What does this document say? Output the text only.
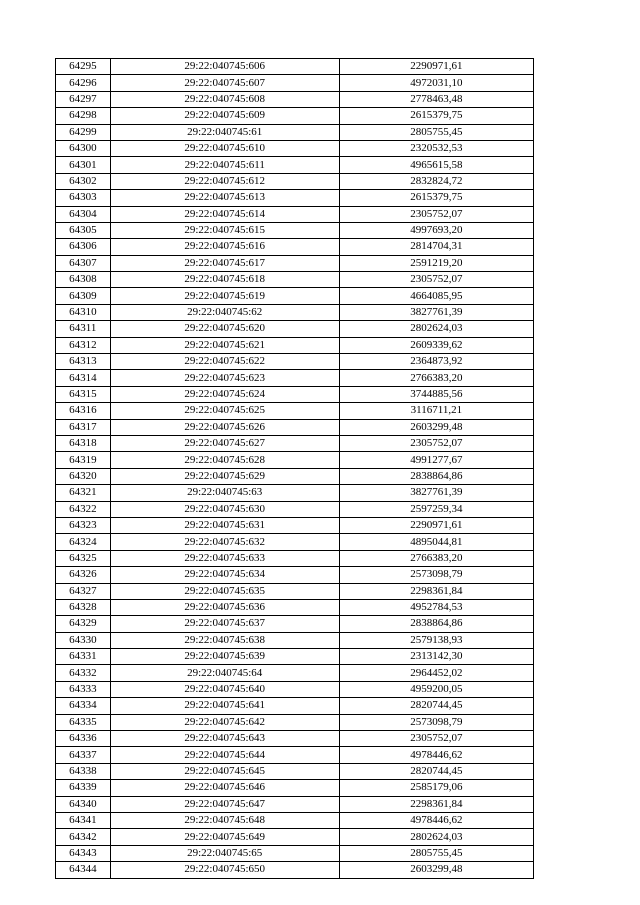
64295	29:22:040745:606	2290971,61
64296	29:22:040745:607	4972031,10
64297	29:22:040745:608	2778463,48
64298	29:22:040745:609	2615379,75
64299	29:22:040745:61	2805755,45
64300	29:22:040745:610	2320532,53
64301	29:22:040745:611	4965615,58
64302	29:22:040745:612	2832824,72
64303	29:22:040745:613	2615379,75
64304	29:22:040745:614	2305752,07
64305	29:22:040745:615	4997693,20
64306	29:22:040745:616	2814704,31
64307	29:22:040745:617	2591219,20
64308	29:22:040745:618	2305752,07
64309	29:22:040745:619	4664085,95
64310	29:22:040745:62	3827761,39
64311	29:22:040745:620	2802624,03
64312	29:22:040745:621	2609339,62
64313	29:22:040745:622	2364873,92
64314	29:22:040745:623	2766383,20
64315	29:22:040745:624	3744885,56
64316	29:22:040745:625	3116711,21
64317	29:22:040745:626	2603299,48
64318	29:22:040745:627	2305752,07
64319	29:22:040745:628	4991277,67
64320	29:22:040745:629	2838864,86
64321	29:22:040745:63	3827761,39
64322	29:22:040745:630	2597259,34
64323	29:22:040745:631	2290971,61
64324	29:22:040745:632	4895044,81
64325	29:22:040745:633	2766383,20
64326	29:22:040745:634	2573098,79
64327	29:22:040745:635	2298361,84
64328	29:22:040745:636	4952784,53
64329	29:22:040745:637	2838864,86
64330	29:22:040745:638	2579138,93
64331	29:22:040745:639	2313142,30
64332	29:22:040745:64	2964452,02
64333	29:22:040745:640	4959200,05
64334	29:22:040745:641	2820744,45
64335	29:22:040745:642	2573098,79
64336	29:22:040745:643	2305752,07
64337	29:22:040745:644	4978446,62
64338	29:22:040745:645	2820744,45
64339	29:22:040745:646	2585179,06
64340	29:22:040745:647	2298361,84
64341	29:22:040745:648	4978446,62
64342	29:22:040745:649	2802624,03
64343	29:22:040745:65	2805755,45
64344	29:22:040745:650	2603299,48
